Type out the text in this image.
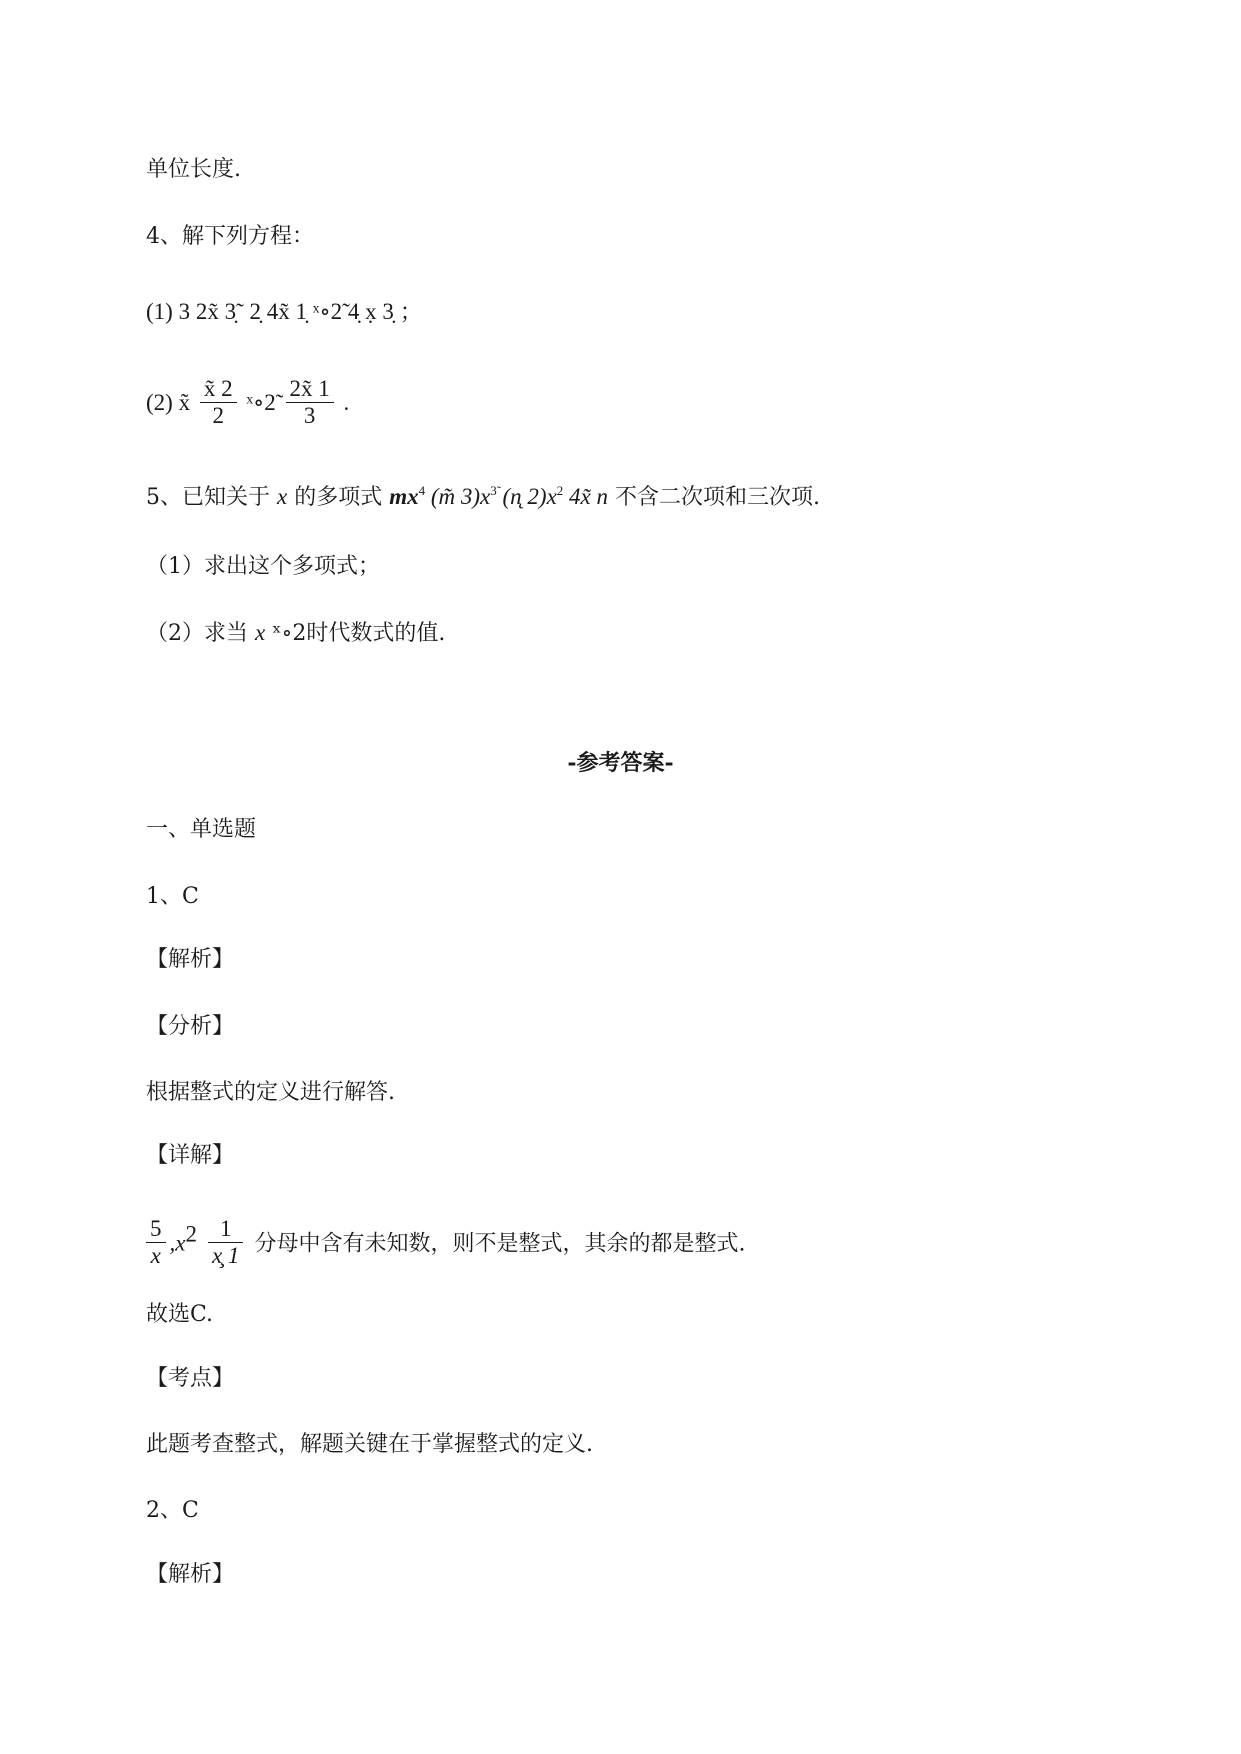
单位长度.
4、解下列方程：
(1) 3 2x̃ 3̣˜ 2̣ 4x̃ 1̣ ˣ∘2̃ 4̣ x̣ 3̣ ；
(2) x̃ $\frac{x̃ 2}{2}$ ˣ∘2̃ $\frac{2x̃ 1}{3}$ .
5、已知关于 x 的多项式 $mx^4$ (m̃ $3)x^{3̃}$ (n̨ $2)x^2$ 4x̃ n 不含二次项和三次项.
（1）求出这个多项式；
（2）求当 x ˣ∘2时代数式的值.
-参考答案-
一、单选题
1、C
【解析】
【分析】
根据整式的定义进行解答.
【详解】
$\frac{5}{x} ,x^2 \frac{1}{x̧ 1}$ 分母中含有未知数，则不是整式，其余的都是整式.
故选C.
【考点】
此题考查整式，解题关键在于掌握整式的定义.
2、C
【解析】
